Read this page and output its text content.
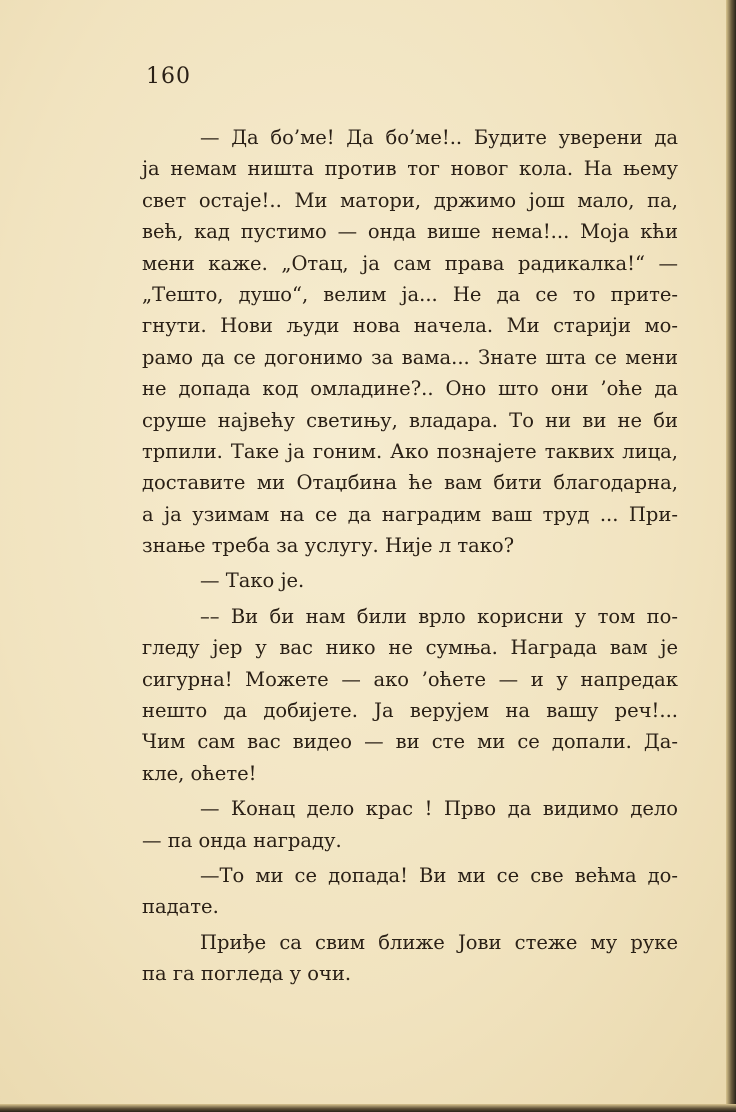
160
— Да бо’ме! Да бо’ме!.. Будите уверени да
ја немам ништа против тог новог кола. На њему
свет остаје!.. Ми матори, држимо још мало, па,
већ, кад пустимо — онда више нема!... Моја кћи
мени каже. „Отац, ја сам права радикалка!“ —
„Тешто, душо“, велим ја... Не да се то прите-
гнути. Нови људи нова начела. Ми старији мо-
рамо да се догонимо за вама... Знате шта се мени
не допада код омладине?.. Оно што они ’оће да
сруше највећу светињу, владара. То ни ви не би
трпили. Таке ја гоним. Ако познајете таквих лица,
доставите ми Отаџбина ће вам бити благодарна,
а ја узимам на се да наградим ваш труд ... При-
знање треба за услугу. Није л тако?
— Тако је.
–– Ви би нам били врло корисни у том по-
гледу јер у вас нико не сумња. Награда вам је
сигурна! Можете — ако ’оћете — и у напредак
нешто да добијете. Ја верујем на вашу реч!...
Чим сам вас видео — ви сте ми се допали. Да-
кле, оћете!
— Конац дело крас ! Прво да видимо дело
— па онда награду.
—То ми се допада! Ви ми се све већма до-
падате.
Приђе са свим ближе Јови стеже му руке
па га погледа у очи.
